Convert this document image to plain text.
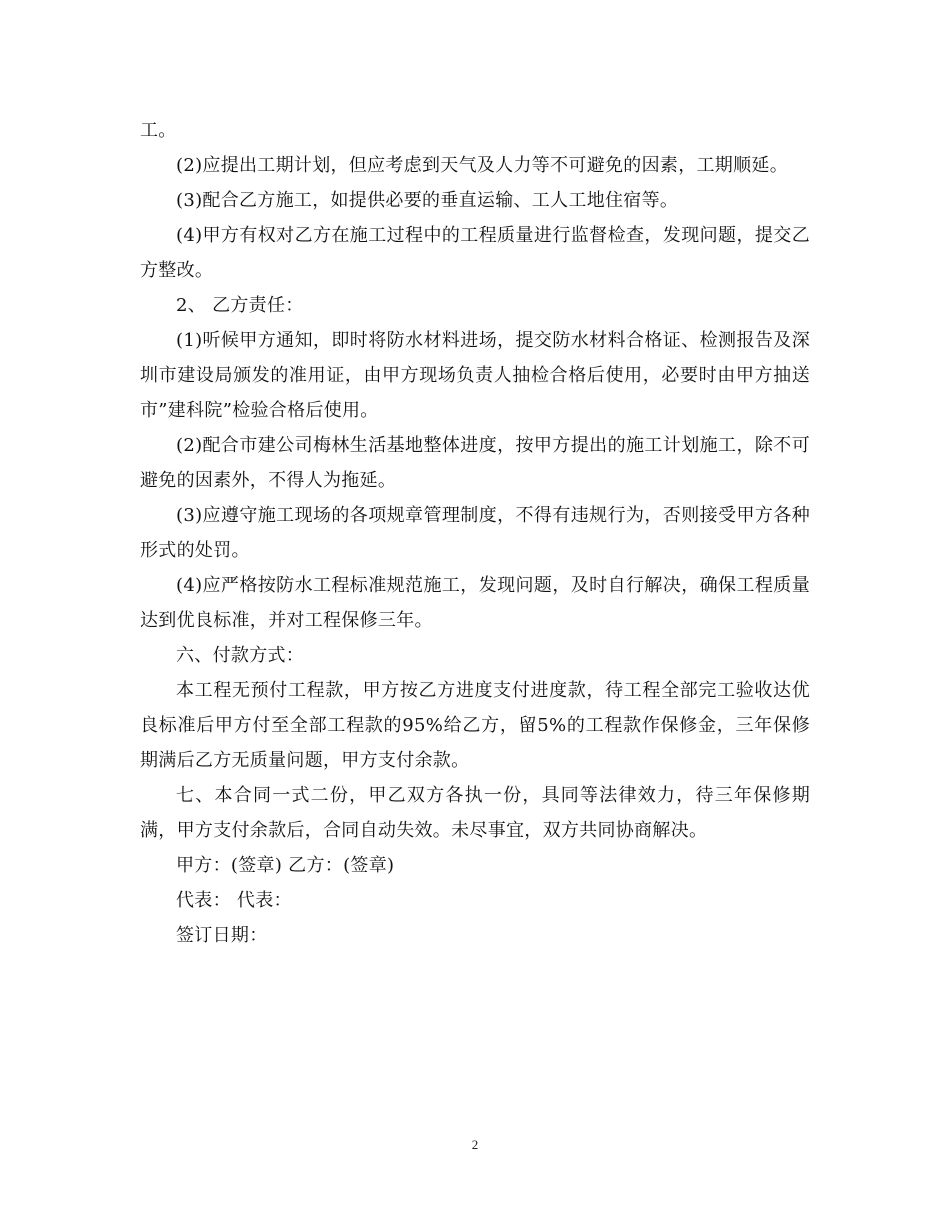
工。

(2)应提出工期计划，但应考虑到天气及人力等不可避免的因素，工期顺延。

(3)配合乙方施工，如提供必要的垂直运输、工人工地住宿等。

(4)甲方有权对乙方在施工过程中的工程质量进行监督检查，发现问题，提交乙方整改。

2、 乙方责任：

(1)听候甲方通知，即时将防水材料进场，提交防水材料合格证、检测报告及深圳市建设局颁发的准用证，由甲方现场负责人抽检合格后使用，必要时由甲方抽送市”建科院”检验合格后使用。

(2)配合市建公司梅林生活基地整体进度，按甲方提出的施工计划施工，除不可避免的因素外，不得人为拖延。

(3)应遵守施工现场的各项规章管理制度，不得有违规行为，否则接受甲方各种形式的处罚。

(4)应严格按防水工程标准规范施工，发现问题，及时自行解决，确保工程质量达到优良标准，并对工程保修三年。

六、付款方式：

本工程无预付工程款，甲方按乙方进度支付进度款，待工程全部完工验收达优良标准后甲方付至全部工程款的95%给乙方，留5%的工程款作保修金，三年保修期满后乙方无质量问题，甲方支付余款。

七、本合同一式二份，甲乙双方各执一份，具同等法律效力，待三年保修期满，甲方支付余款后，合同自动失效。未尽事宜，双方共同协商解决。

甲方：(签章) 乙方：(签章)

代表： 代表：

签订日期：

2
